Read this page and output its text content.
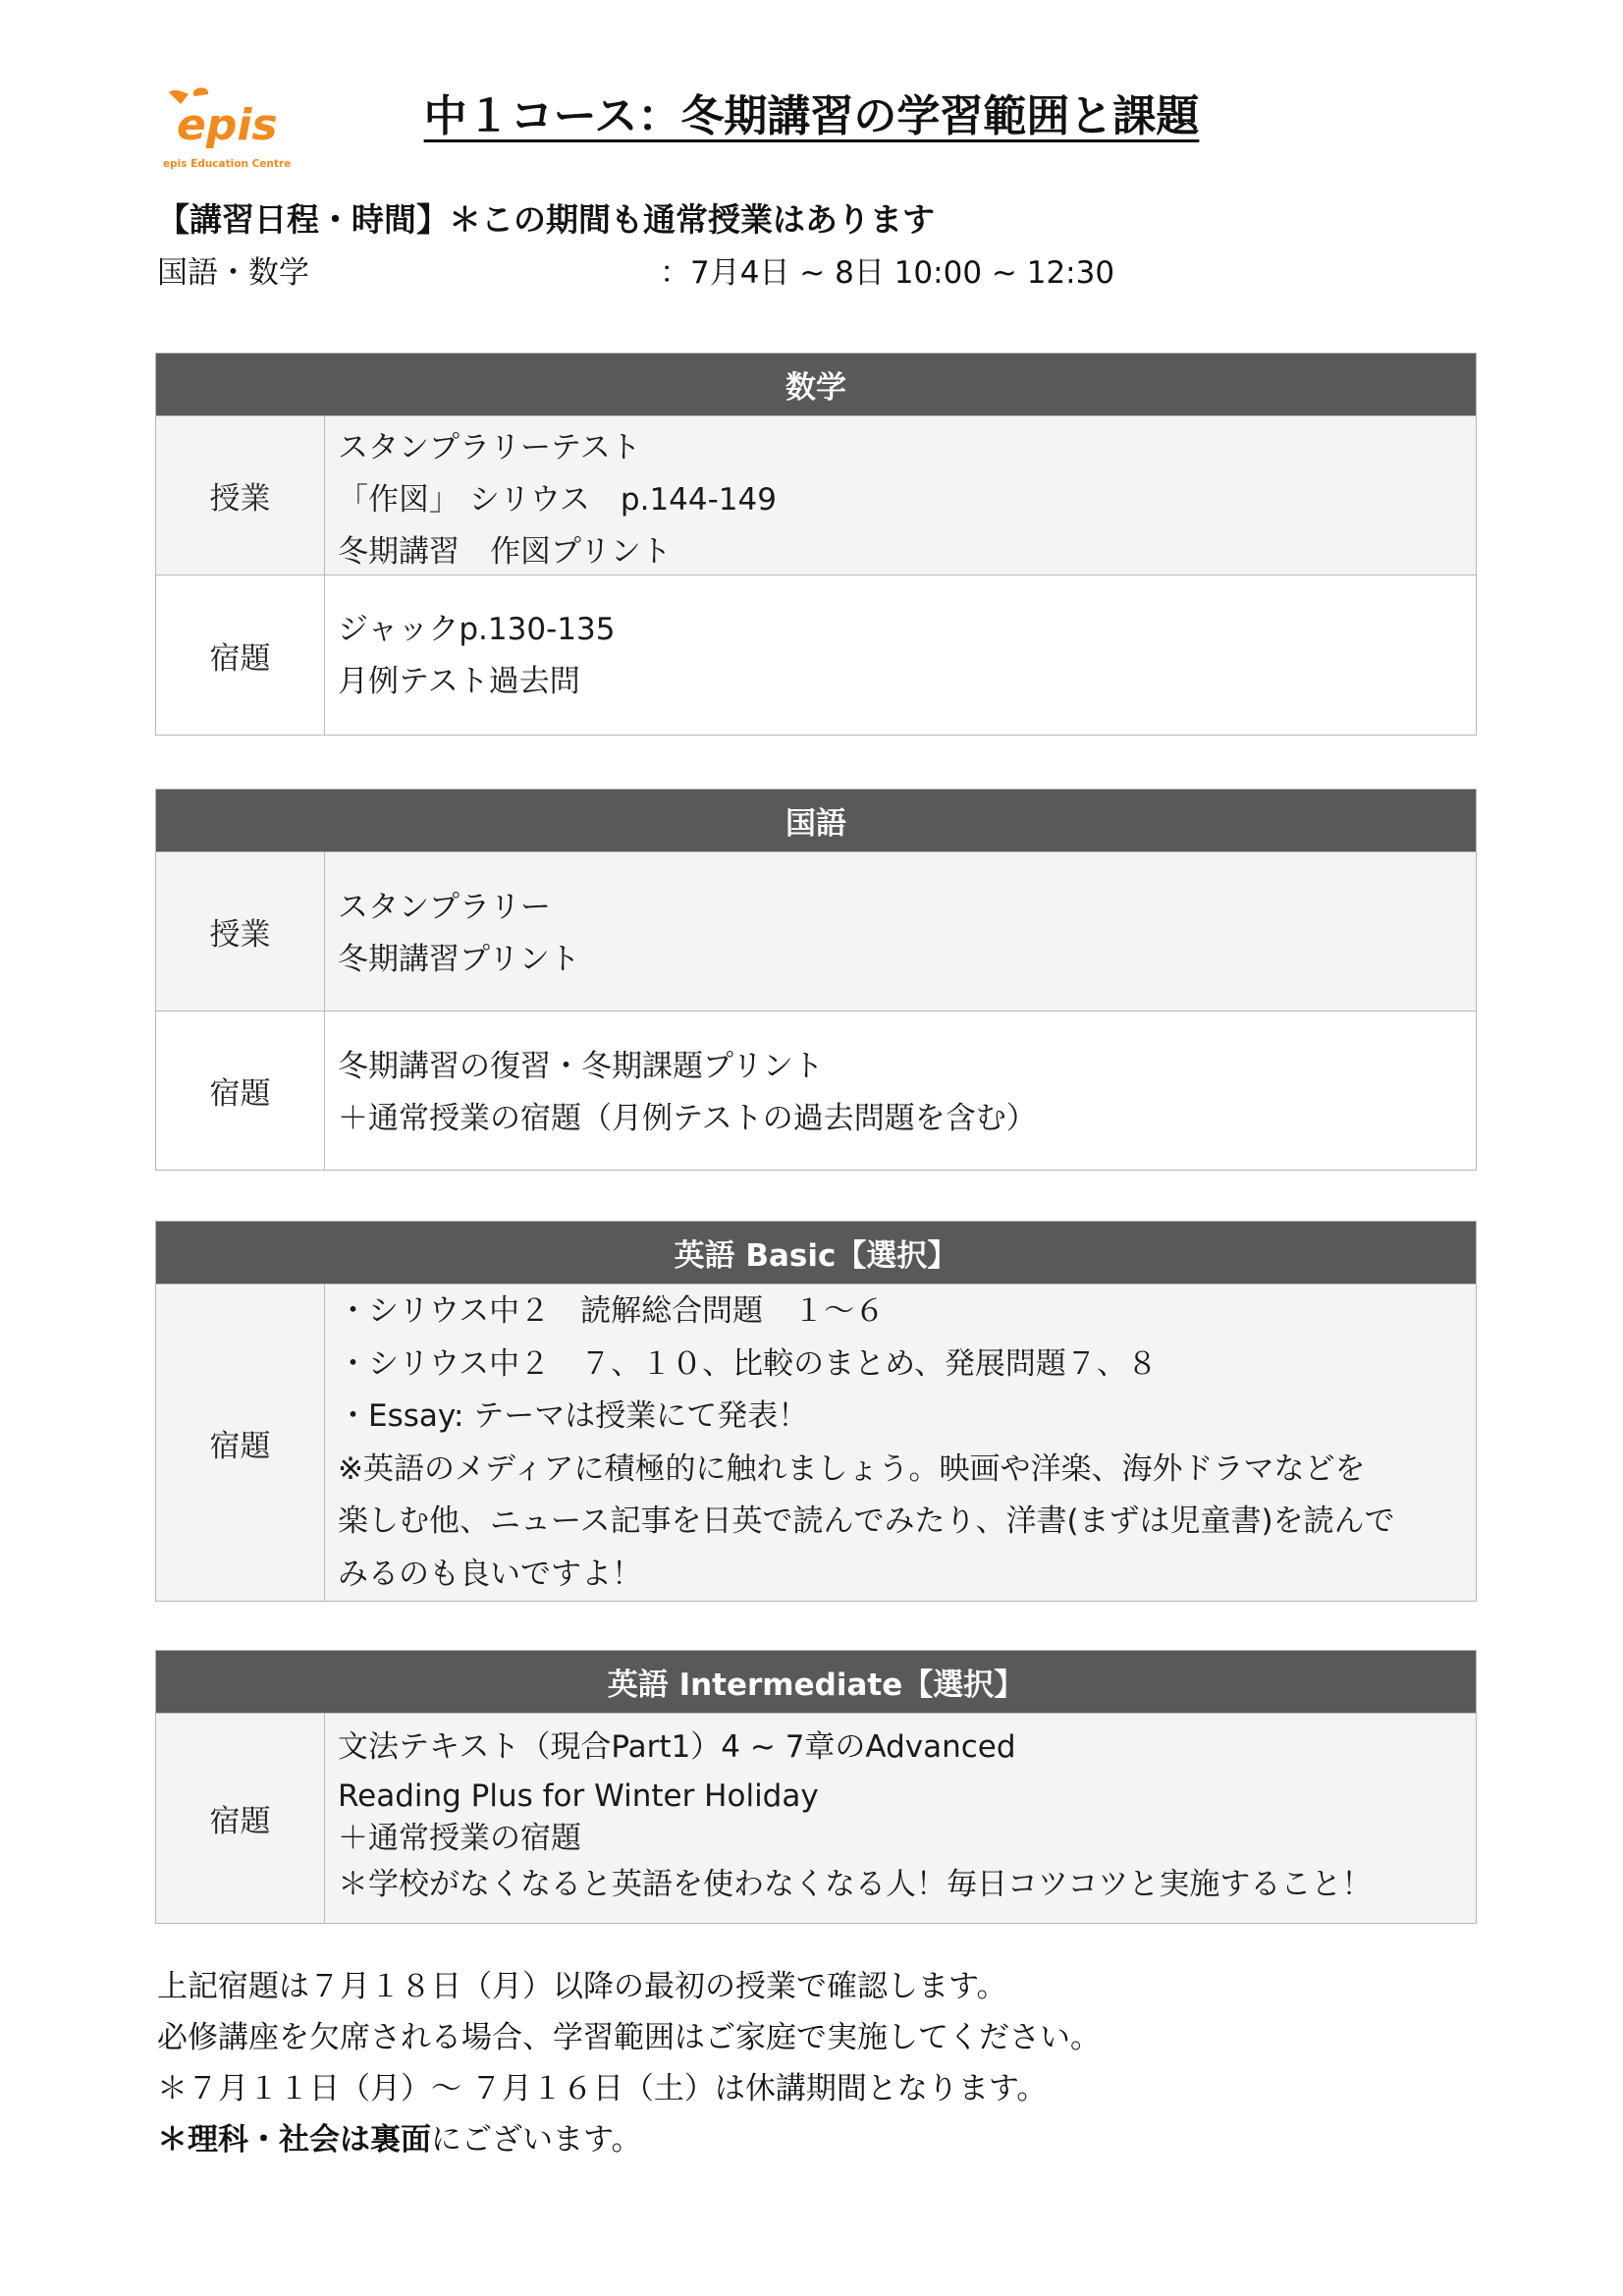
epis
epis Education Centre
中１コース：冬期講習の学習範囲と課題
【講習日程・時間】＊この期間も通常授業はあります
国語・数学	：7月4日 ~ 8日 10:00 ~ 12:30
数学
授業
スタンプラリーテスト
「作図」 シリウス　p.144-149
冬期講習　作図プリント
宿題
ジャックp.130-135
月例テスト過去問
国語
授業
スタンプラリー
冬期講習プリント
宿題
冬期講習の復習・冬期課題プリント
＋通常授業の宿題（月例テストの過去問題を含む）
英語 Basic【選択】
宿題
・シリウス中２　読解総合問題　１～６
・シリウス中２　７、１０、比較のまとめ、発展問題７、８
・Essay: テーマは授業にて発表！
※英語のメディアに積極的に触れましょう。映画や洋楽、海外ドラマなどを
楽しむ他、ニュース記事を日英で読んでみたり、洋書(まずは児童書)を読んで
みるのも良いですよ！
英語 Intermediate【選択】
宿題
文法テキスト（現合Part1）4 ~ 7章のAdvanced
Reading Plus for Winter Holiday
＋通常授業の宿題
＊学校がなくなると英語を使わなくなる人！毎日コツコツと実施すること！
上記宿題は７月１８日（月）以降の最初の授業で確認します。
必修講座を欠席される場合、学習範囲はご家庭で実施してください。
＊７月１１日（月）～ ７月１６日（土）は休講期間となります。
＊理科・社会は裏面にございます。
